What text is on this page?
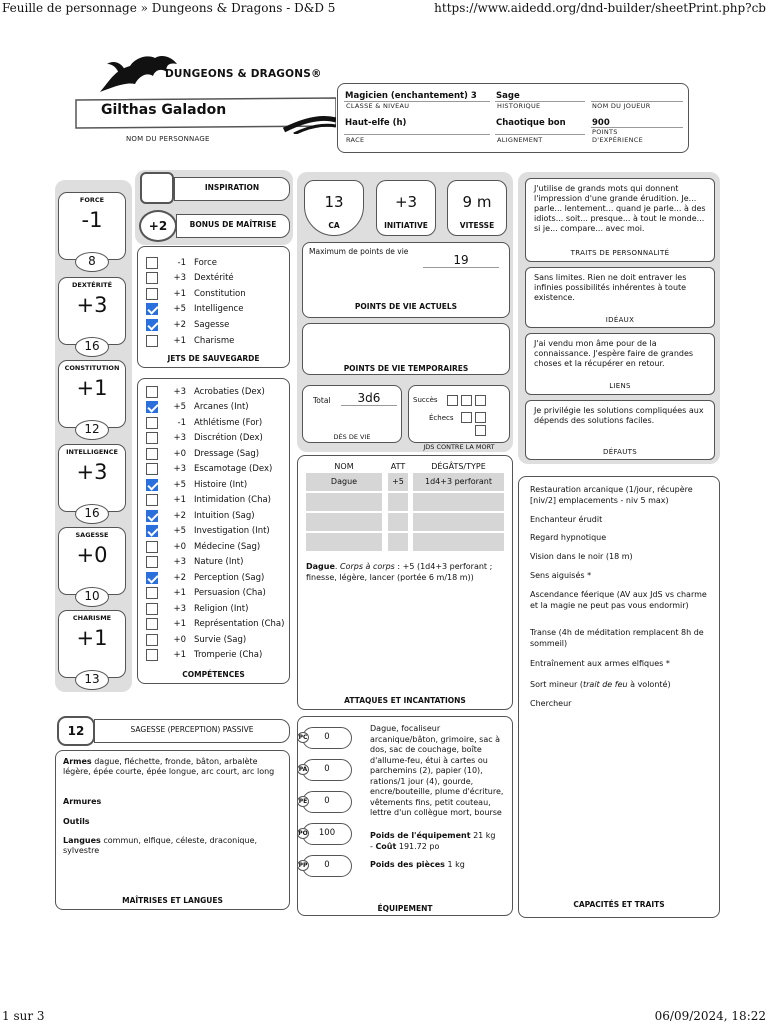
Feuille de personnage » Dungeons & Dragons - D&D 5	https://www.aidedd.org/dnd-builder/sheetPrint.php?cb
1 sur 3	06/09/2024, 18:22
DUNGEONS & DRAGONS®
Gilthas Galadon
NOM DU PERSONNAGE
Magicien (enchantement) 3
CLASSE & NIVEAU
Sage
HISTORIQUE	NOM DU JOUEUR
Haut-elfe (h)
RACE
Chaotique bon
ALIGNEMENT
900
POINTS
D'EXPÉRIENCE
FORCE
-1
8
DEXTÉRITÉ
+3
16
CONSTITUTION
+1
12
INTELLIGENCE
+3
16
SAGESSE
+0
10
CHARISME
+1
13
INSPIRATION
BONUS DE MAÎTRISE
+2
-1 Force
+3 Dextérité
+1 Constitution
+5 Intelligence
+2 Sagesse
+1 Charisme
JETS DE SAUVEGARDE
+3 Acrobaties (Dex)
+5 Arcanes (Int)
-1 Athlétisme (For)
+3 Discrétion (Dex)
+0 Dressage (Sag)
+3 Escamotage (Dex)
+5 Histoire (Int)
+1 Intimidation (Cha)
+2 Intuition (Sag)
+5 Investigation (Int)
+0 Médecine (Sag)
+3 Nature (Int)
+2 Perception (Sag)
+1 Persuasion (Cha)
+3 Religion (Int)
+1 Représentation (Cha)
+0 Survie (Sag)
+1 Tromperie (Cha)
COMPÉTENCES
SAGESSE (PERCEPTION) PASSIVE
12
Armes dague, fléchette, fronde, bâton, arbalète légère, épée courte, épée longue, arc court, arc long
Armures
Outils
Langues commun, elfique, céleste, draconique, sylvestre
MAÎTRISES ET LANGUES
13
CA
+3
INITIATIVE
9 m
VITESSE
Maximum de points de vie
19
POINTS DE VIE ACTUELS
POINTS DE VIE TEMPORAIRES
Total	3d6
DÉS DE VIE
Succès
Échecs
JDS CONTRE LA MORT
Dague. Corps à corps : +5 (1d4+3 perforant ; finesse, légère, lancer (portée 6 m/18 m))
ATTAQUES ET INCANTATIONS
NOM	ATT	DÉGÂTS/TYPE
Dague	+5	1d4+3 perforant
ÉQUIPEMENT
0
PC
0
PA
0
PE
100
PO
0
PP
Dague, focaliseur arcanique/bâton, grimoire, sac à dos, sac de couchage, boîte d'allume-feu, étui à cartes ou parchemins (2), papier (10), rations/1 jour (4), gourde, encre/bouteille, plume d'écriture, vêtements fins, petit couteau, lettre d'un collègue mort, bourse
Poids de l'équipement 21 kg
- Coût 191.72 po
Poids des pièces 1 kg
J'utilise de grands mots qui donnent l'impression d'une grande érudition. Je... parle... lentement... quand je parle... à des idiots... soit... presque... à tout le monde... si je... compare... avec moi.
TRAITS DE PERSONNALITÉ
Sans limites. Rien ne doit entraver les infinies possibilités inhérentes à toute existence.
IDÉAUX
J'ai vendu mon âme pour de la connaissance. J'espère faire de grandes choses et la récupérer en retour.
LIENS
Je privilégie les solutions compliquées aux dépends des solutions faciles.
DÉFAUTS
Restauration arcanique (1/jour, récupère [niv/2] emplacements - niv 5 max)
Enchanteur érudit
Regard hypnotique
Vision dans le noir (18 m)
Sens aiguisés *
Ascendance féerique (AV aux JdS vs charme et la magie ne peut pas vous endormir)
Transe (4h de méditation remplacent 8h de sommeil)
Entraînement aux armes elfiques *
Sort mineur (trait de feu à volonté)
Chercheur
CAPACITÉS ET TRAITS
